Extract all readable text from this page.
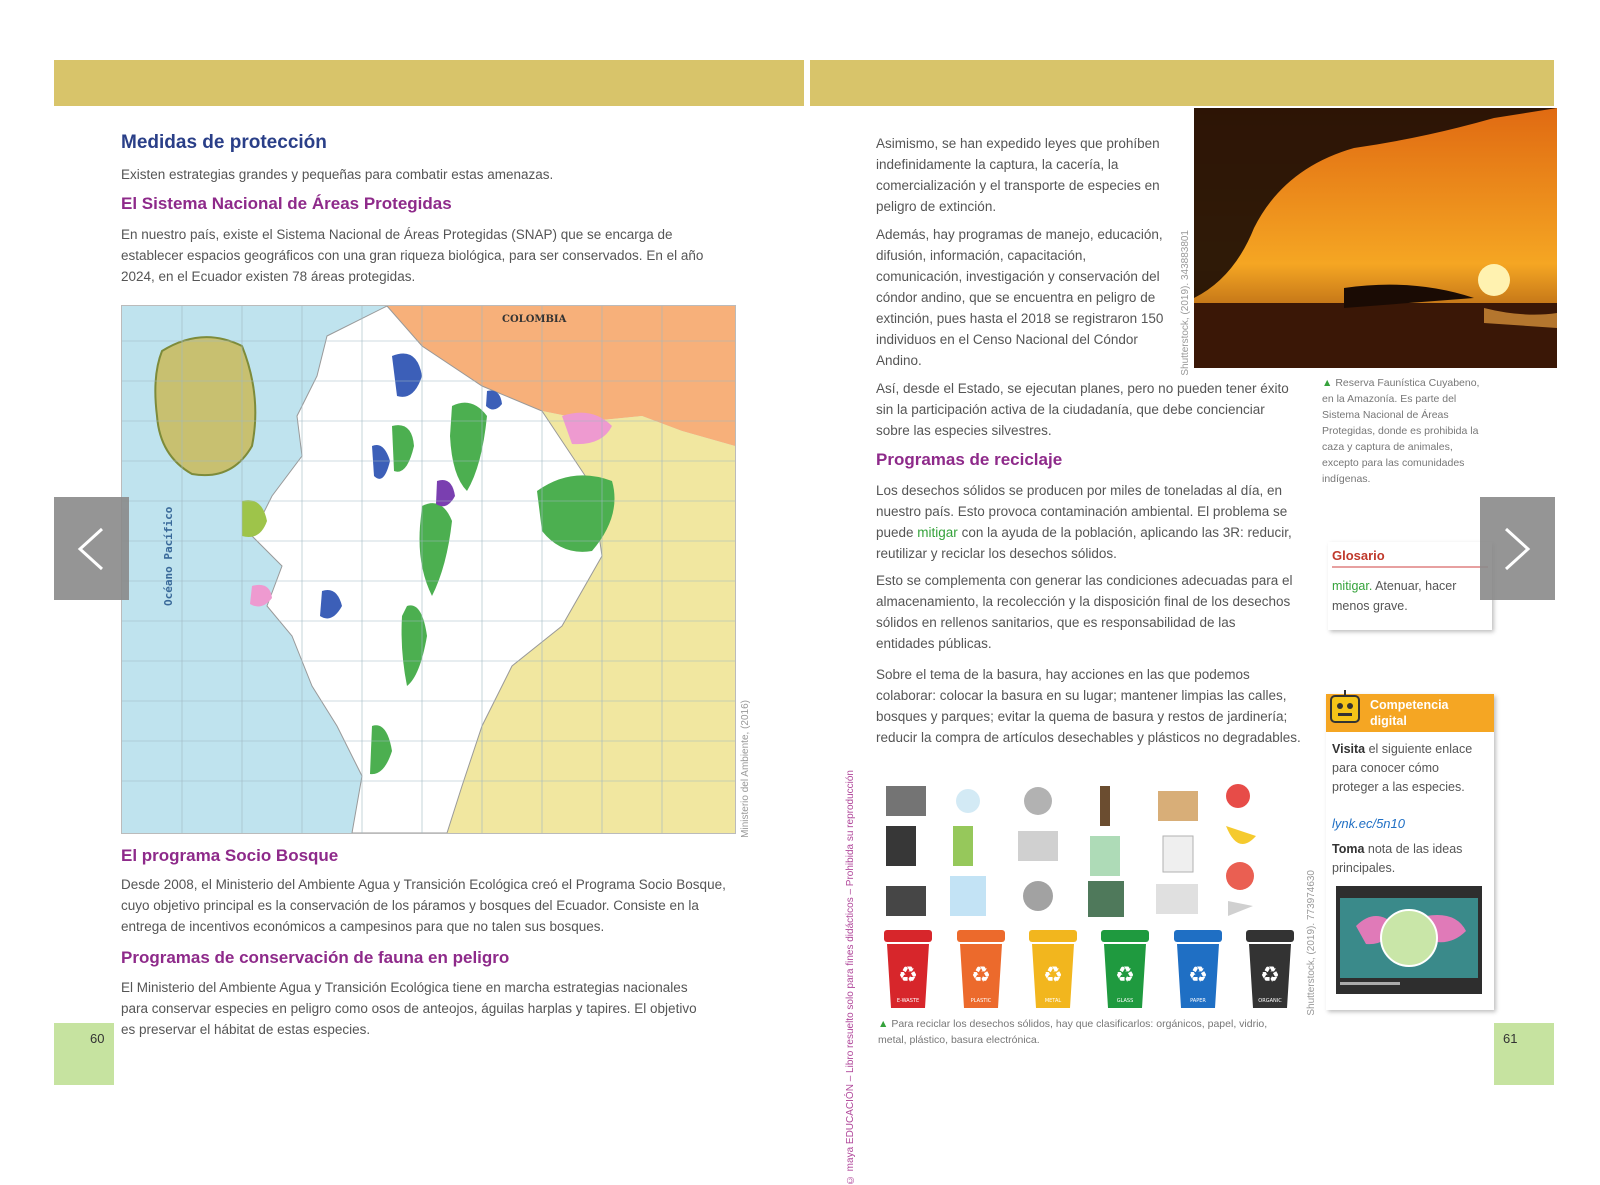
Medidas de protección

Existen estrategias grandes y pequeñas para combatir estas amenazas.

El Sistema Nacional de Áreas Protegidas

En nuestro país, existe el Sistema Nacional de Áreas Protegidas (SNAP) que se encarga de establecer espacios geográficos con una gran riqueza biológica, para ser conservados. En el año 2024, en el Ecuador existen 78 áreas protegidas.

COLOMBIA
Océano Pacífico
Ministerio del Ambiente, (2016)
El programa Socio Bosque

Desde 2008, el Ministerio del Ambiente Agua y Transición Ecológica creó el Programa Socio Bosque, cuyo objetivo principal es la conservación de los páramos y bosques del Ecuador. Consiste en la entrega de incentivos económicos a campesinos para que no talen sus bosques.

Programas de conservación de fauna en peligro

El Ministerio del Ambiente Agua y Transición Ecológica tiene en marcha estrategias nacionales para conservar especies en peligro como osos de anteojos, águilas harplas y tapires. El objetivo es preservar el hábitat de estas especies.

60	© maya EDUCACIÓN – Libro resuelto solo para fines didácticos – Prohibida su reproducción

Asimismo, se han expedido leyes que prohíben indefinidamente la captura, la cacería, la comercialización y el transporte de especies en peligro de extinción.

Además, hay programas de manejo, educación, difusión, información, capacitación, comunicación, investigación y conservación del cóndor andino, que se encuentra en peligro de extinción, pues hasta el 2018 se registraron 150 individuos en el Censo Nacional del Cóndor Andino.

Así, desde el Estado, se ejecutan planes, pero no pueden tener éxito sin la participación activa de la ciudadanía, que debe concienciar sobre las especies silvestres.

Shutterstock, (2019). 343883801
▲ Reserva Faunística Cuyabeno, en la Amazonía. Es parte del Sistema Nacional de Áreas Protegidas, donde es prohibida la caza y captura de animales, excepto para las comunidades indígenas.
Programas de reciclaje

Los desechos sólidos se producen por miles de toneladas al día, en nuestro país. Esto provoca contaminación ambiental. El problema se puede mitigar con la ayuda de la población, aplicando las 3R: reducir, reutilizar y reciclar los desechos sólidos.

Esto se complementa con generar las condiciones adecuadas para el almacenamiento, la recolección y la disposición final de los desechos sólidos en rellenos sanitarios, que es responsabilidad de las entidades públicas.

Sobre el tema de la basura, hay acciones en las que podemos colaborar: colocar la basura en su lugar; mantener limpias las calles, bosques y parques; evitar la quema de basura y restos de jardinería; reducir la compra de artículos desechables y plásticos no degradables.

♻
E-WASTE
♻
PLASTIC
♻
METAL
♻
GLASS
♻
PAPER
♻
ORGANIC Shutterstock, (2019). 773974630
▲ Para reciclar los desechos sólidos, hay que clasificarlos: orgánicos, papel, vidrio, metal, plástico, basura electrónica.
Glosario
mitigar. Atenuar, hacer menos grave.
Competencia digital
Visita el siguiente enlace para conocer cómo proteger a las especies.
lynk.ec/5n10
Toma nota de las ideas principales.
61
